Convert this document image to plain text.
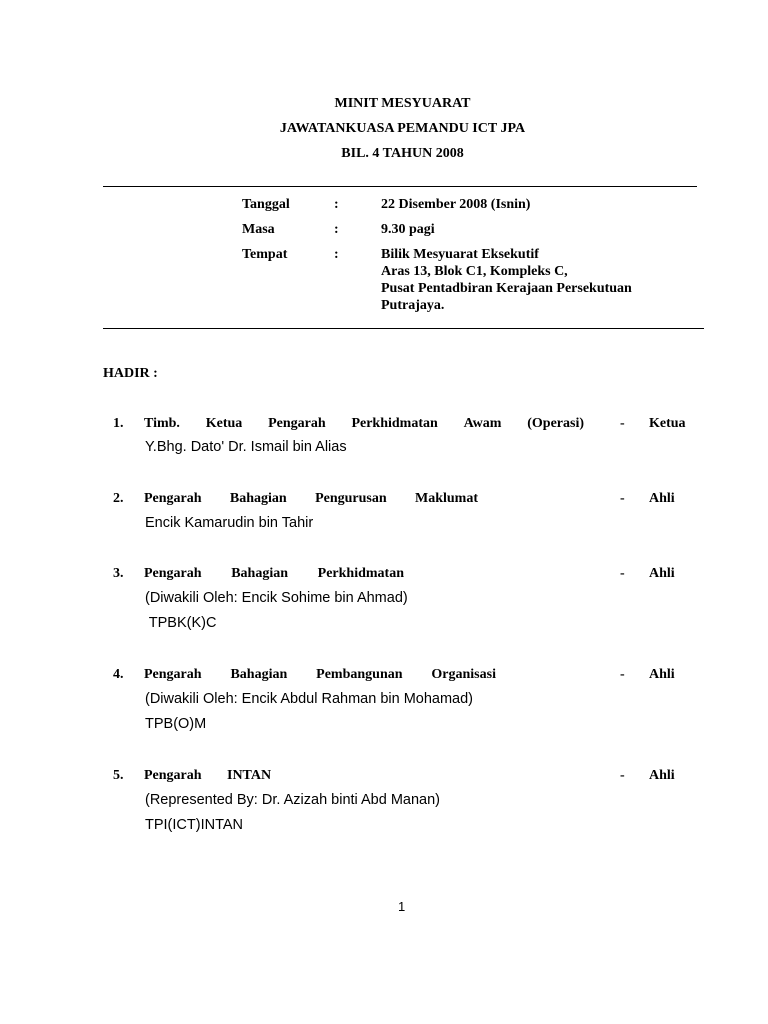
MINIT MESYUARAT
JAWATANKUASA PEMANDU ICT JPA
BIL. 4 TAHUN 2008
Tanggal	:	22 Disember 2008 (Isnin)
Masa	:	9.30 pagi
Tempat	:	Bilik Mesyuarat Eksekutif
Aras 13, Blok C1, Kompleks C,
Pusat Pentadbiran Kerajaan Persekutuan
Putrajaya.
HADIR :
1. Timb. Ketua Pengarah Perkhidmatan Awam (Operasi)	- Ketua
Y.Bhg. Dato' Dr. Ismail bin Alias
2. Pengarah Bahagian Pengurusan Maklumat	- Ahli
Encik Kamarudin bin Tahir
3. Pengarah Bahagian Perkhidmatan	- Ahli
(Diwakili Oleh: Encik Sohime bin Ahmad)
TPBK(K)C
4. Pengarah Bahagian Pembangunan Organisasi	- Ahli
(Diwakili Oleh: Encik Abdul Rahman bin Mohamad)
TPB(O)M
5. Pengarah INTAN	- Ahli
(Represented By: Dr. Azizah binti Abd Manan)
TPI(ICT)INTAN
1
